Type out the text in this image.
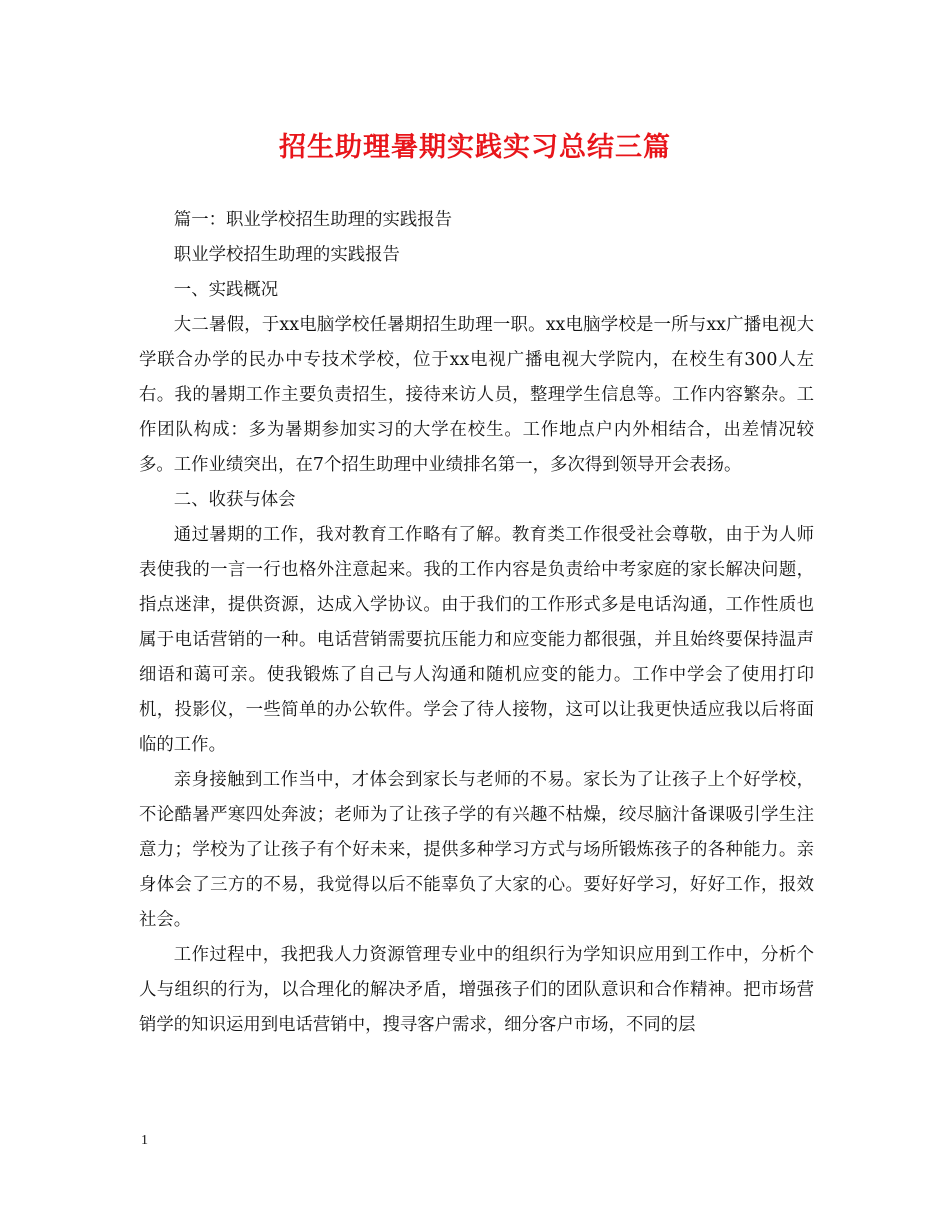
招生助理暑期实践实习总结三篇

篇一：职业学校招生助理的实践报告

职业学校招生助理的实践报告

一、实践概况

大二暑假，于xx电脑学校任暑期招生助理一职。xx电脑学校是一所与xx广播电视大学联合办学的民办中专技术学校，位于xx电视广播电视大学院内，在校生有300人左右。我的暑期工作主要负责招生，接待来访人员，整理学生信息等。工作内容繁杂。工作团队构成：多为暑期参加实习的大学在校生。工作地点户内外相结合，出差情况较多。工作业绩突出，在7个招生助理中业绩排名第一，多次得到领导开会表扬。

二、收获与体会

通过暑期的工作，我对教育工作略有了解。教育类工作很受社会尊敬，由于为人师表使我的一言一行也格外注意起来。我的工作内容是负责给中考家庭的家长解决问题，指点迷津，提供资源，达成入学协议。由于我们的工作形式多是电话沟通，工作性质也属于电话营销的一种。电话营销需要抗压能力和应变能力都很强，并且始终要保持温声细语和蔼可亲。使我锻炼了自己与人沟通和随机应变的能力。工作中学会了使用打印机，投影仪，一些简单的办公软件。学会了待人接物，这可以让我更快适应我以后将面临的工作。

亲身接触到工作当中，才体会到家长与老师的不易。家长为了让孩子上个好学校，不论酷暑严寒四处奔波；老师为了让孩子学的有兴趣不枯燥，绞尽脑汁备课吸引学生注意力；学校为了让孩子有个好未来，提供多种学习方式与场所锻炼孩子的各种能力。亲身体会了三方的不易，我觉得以后不能辜负了大家的心。要好好学习，好好工作，报效社会。

工作过程中，我把我人力资源管理专业中的组织行为学知识应用到工作中，分析个人与组织的行为，以合理化的解决矛盾，增强孩子们的团队意识和合作精神。把市场营销学的知识运用到电话营销中，搜寻客户需求，细分客户市场，不同的层

1
